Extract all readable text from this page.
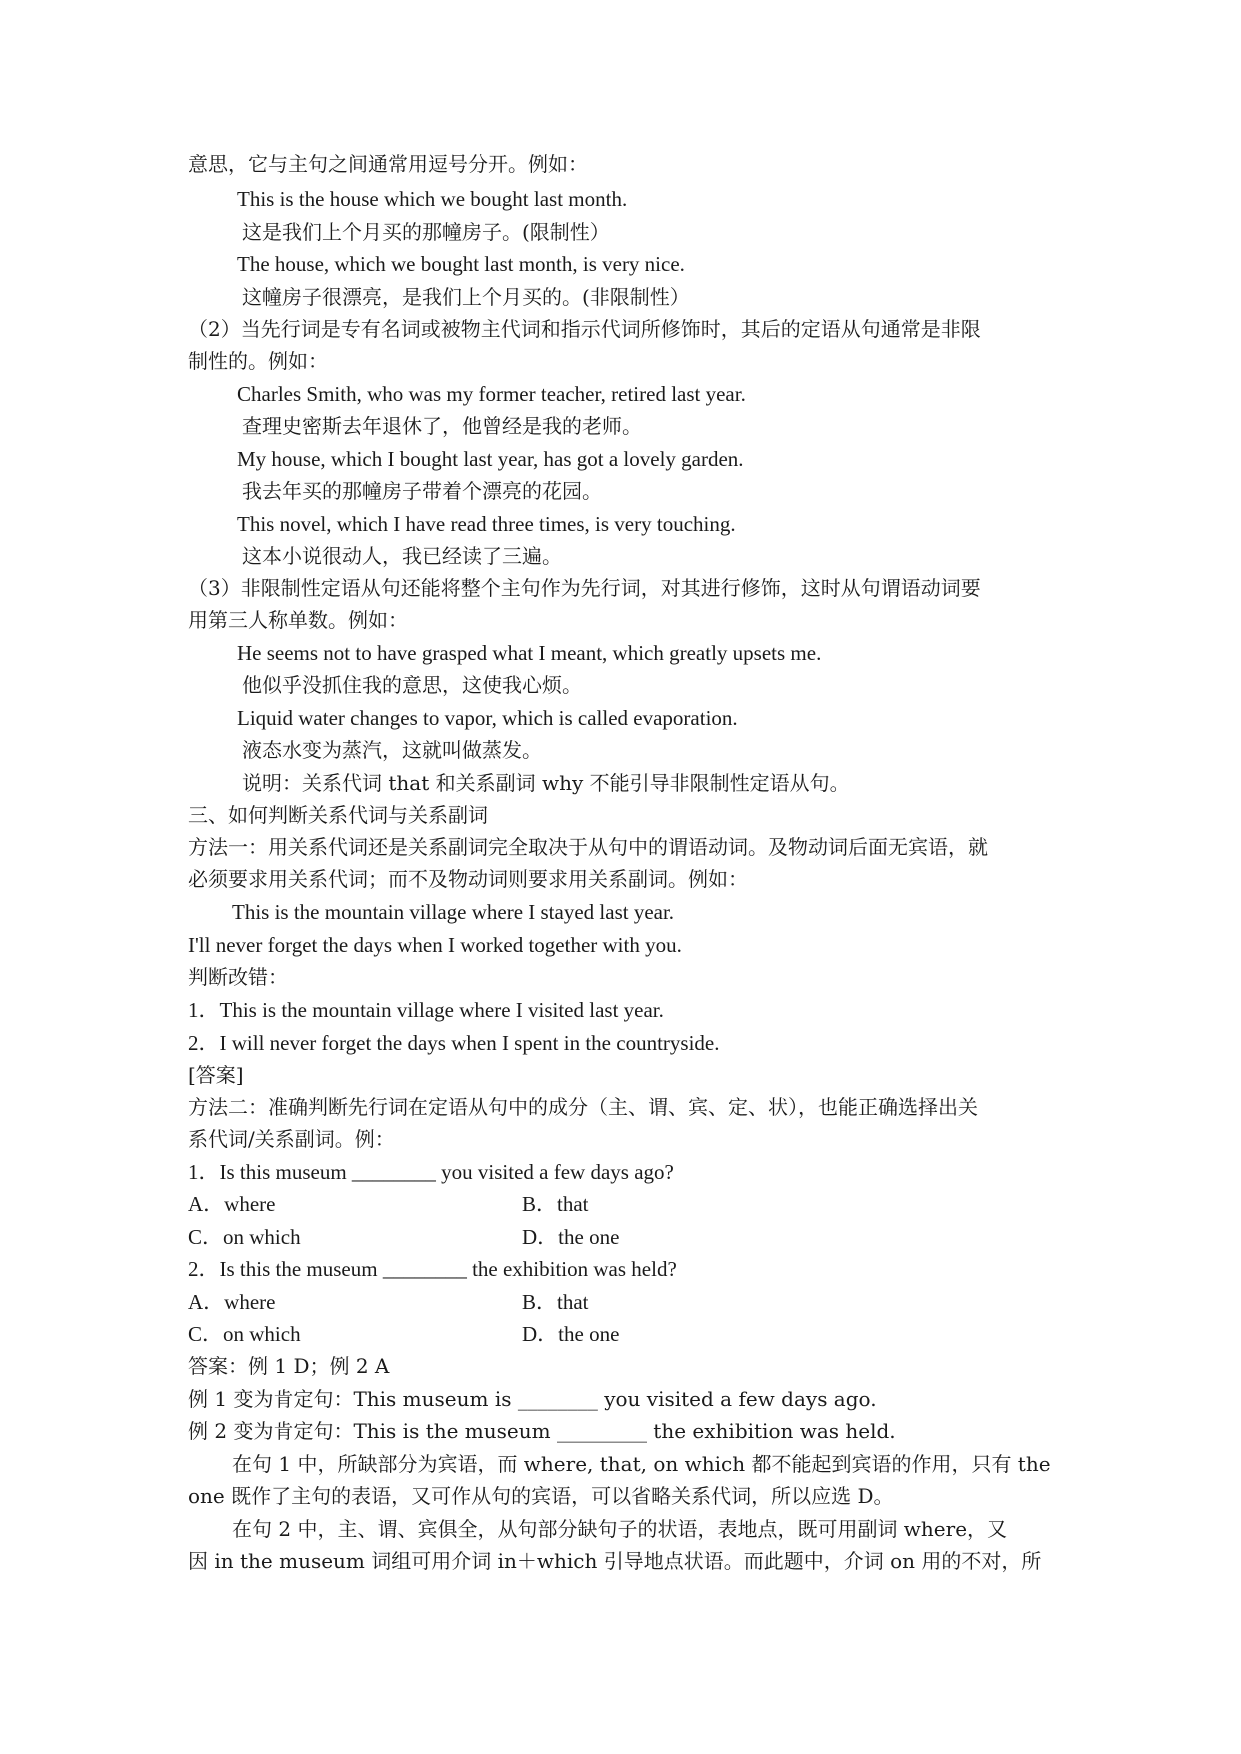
意思，它与主句之间通常用逗号分开。例如：
This is the house which we bought last month.
这是我们上个月买的那幢房子。(限制性）
The house, which we bought last month, is very nice.
这幢房子很漂亮，是我们上个月买的。(非限制性）
（2）当先行词是专有名词或被物主代词和指示代词所修饰时，其后的定语从句通常是非限
制性的。例如：
Charles Smith, who was my former teacher, retired last year.
查理史密斯去年退休了，他曾经是我的老师。
My house, which I bought last year, has got a lovely garden.
我去年买的那幢房子带着个漂亮的花园。
This novel, which I have read three times, is very touching.
这本小说很动人，我已经读了三遍。
（3）非限制性定语从句还能将整个主句作为先行词，对其进行修饰，这时从句谓语动词要
用第三人称单数。例如：
He seems not to have grasped what I meant, which greatly upsets me.
他似乎没抓住我的意思，这使我心烦。
Liquid water changes to vapor, which is called evaporation.
液态水变为蒸汽，这就叫做蒸发。
说明：关系代词 that 和关系副词 why 不能引导非限制性定语从句。
三、如何判断关系代词与关系副词
方法一：用关系代词还是关系副词完全取决于从句中的谓语动词。及物动词后面无宾语，就
必须要求用关系代词；而不及物动词则要求用关系副词。例如：
This is the mountain village where I stayed last year.
I'll never forget the days when I worked together with you.
判断改错：
1．This is the mountain village where I visited last year.
2．I will never forget the days when I spent in the countryside.
[答案]
方法二：准确判断先行词在定语从句中的成分（主、谓、宾、定、状），也能正确选择出关
系代词/关系副词。例：
1．Is this museum ________ you visited a few days ago?
A．where	B．that
C．on which	D．the one
2．Is this the museum ________ the exhibition was held?
A．where	B．that
C．on which	D．the one
答案：例 1 D；例 2 A
例 1 变为肯定句：This museum is ________ you visited a few days ago.
例 2 变为肯定句：This is the museum _________ the exhibition was held.
在句 1 中，所缺部分为宾语，而 where, that, on which 都不能起到宾语的作用，只有 the
one 既作了主句的表语，又可作从句的宾语，可以省略关系代词，所以应选 D。
在句 2 中，主、谓、宾俱全，从句部分缺句子的状语，表地点，既可用副词 where，又
因 in the museum 词组可用介词 in＋which 引导地点状语。而此题中，介词 on 用的不对，所
